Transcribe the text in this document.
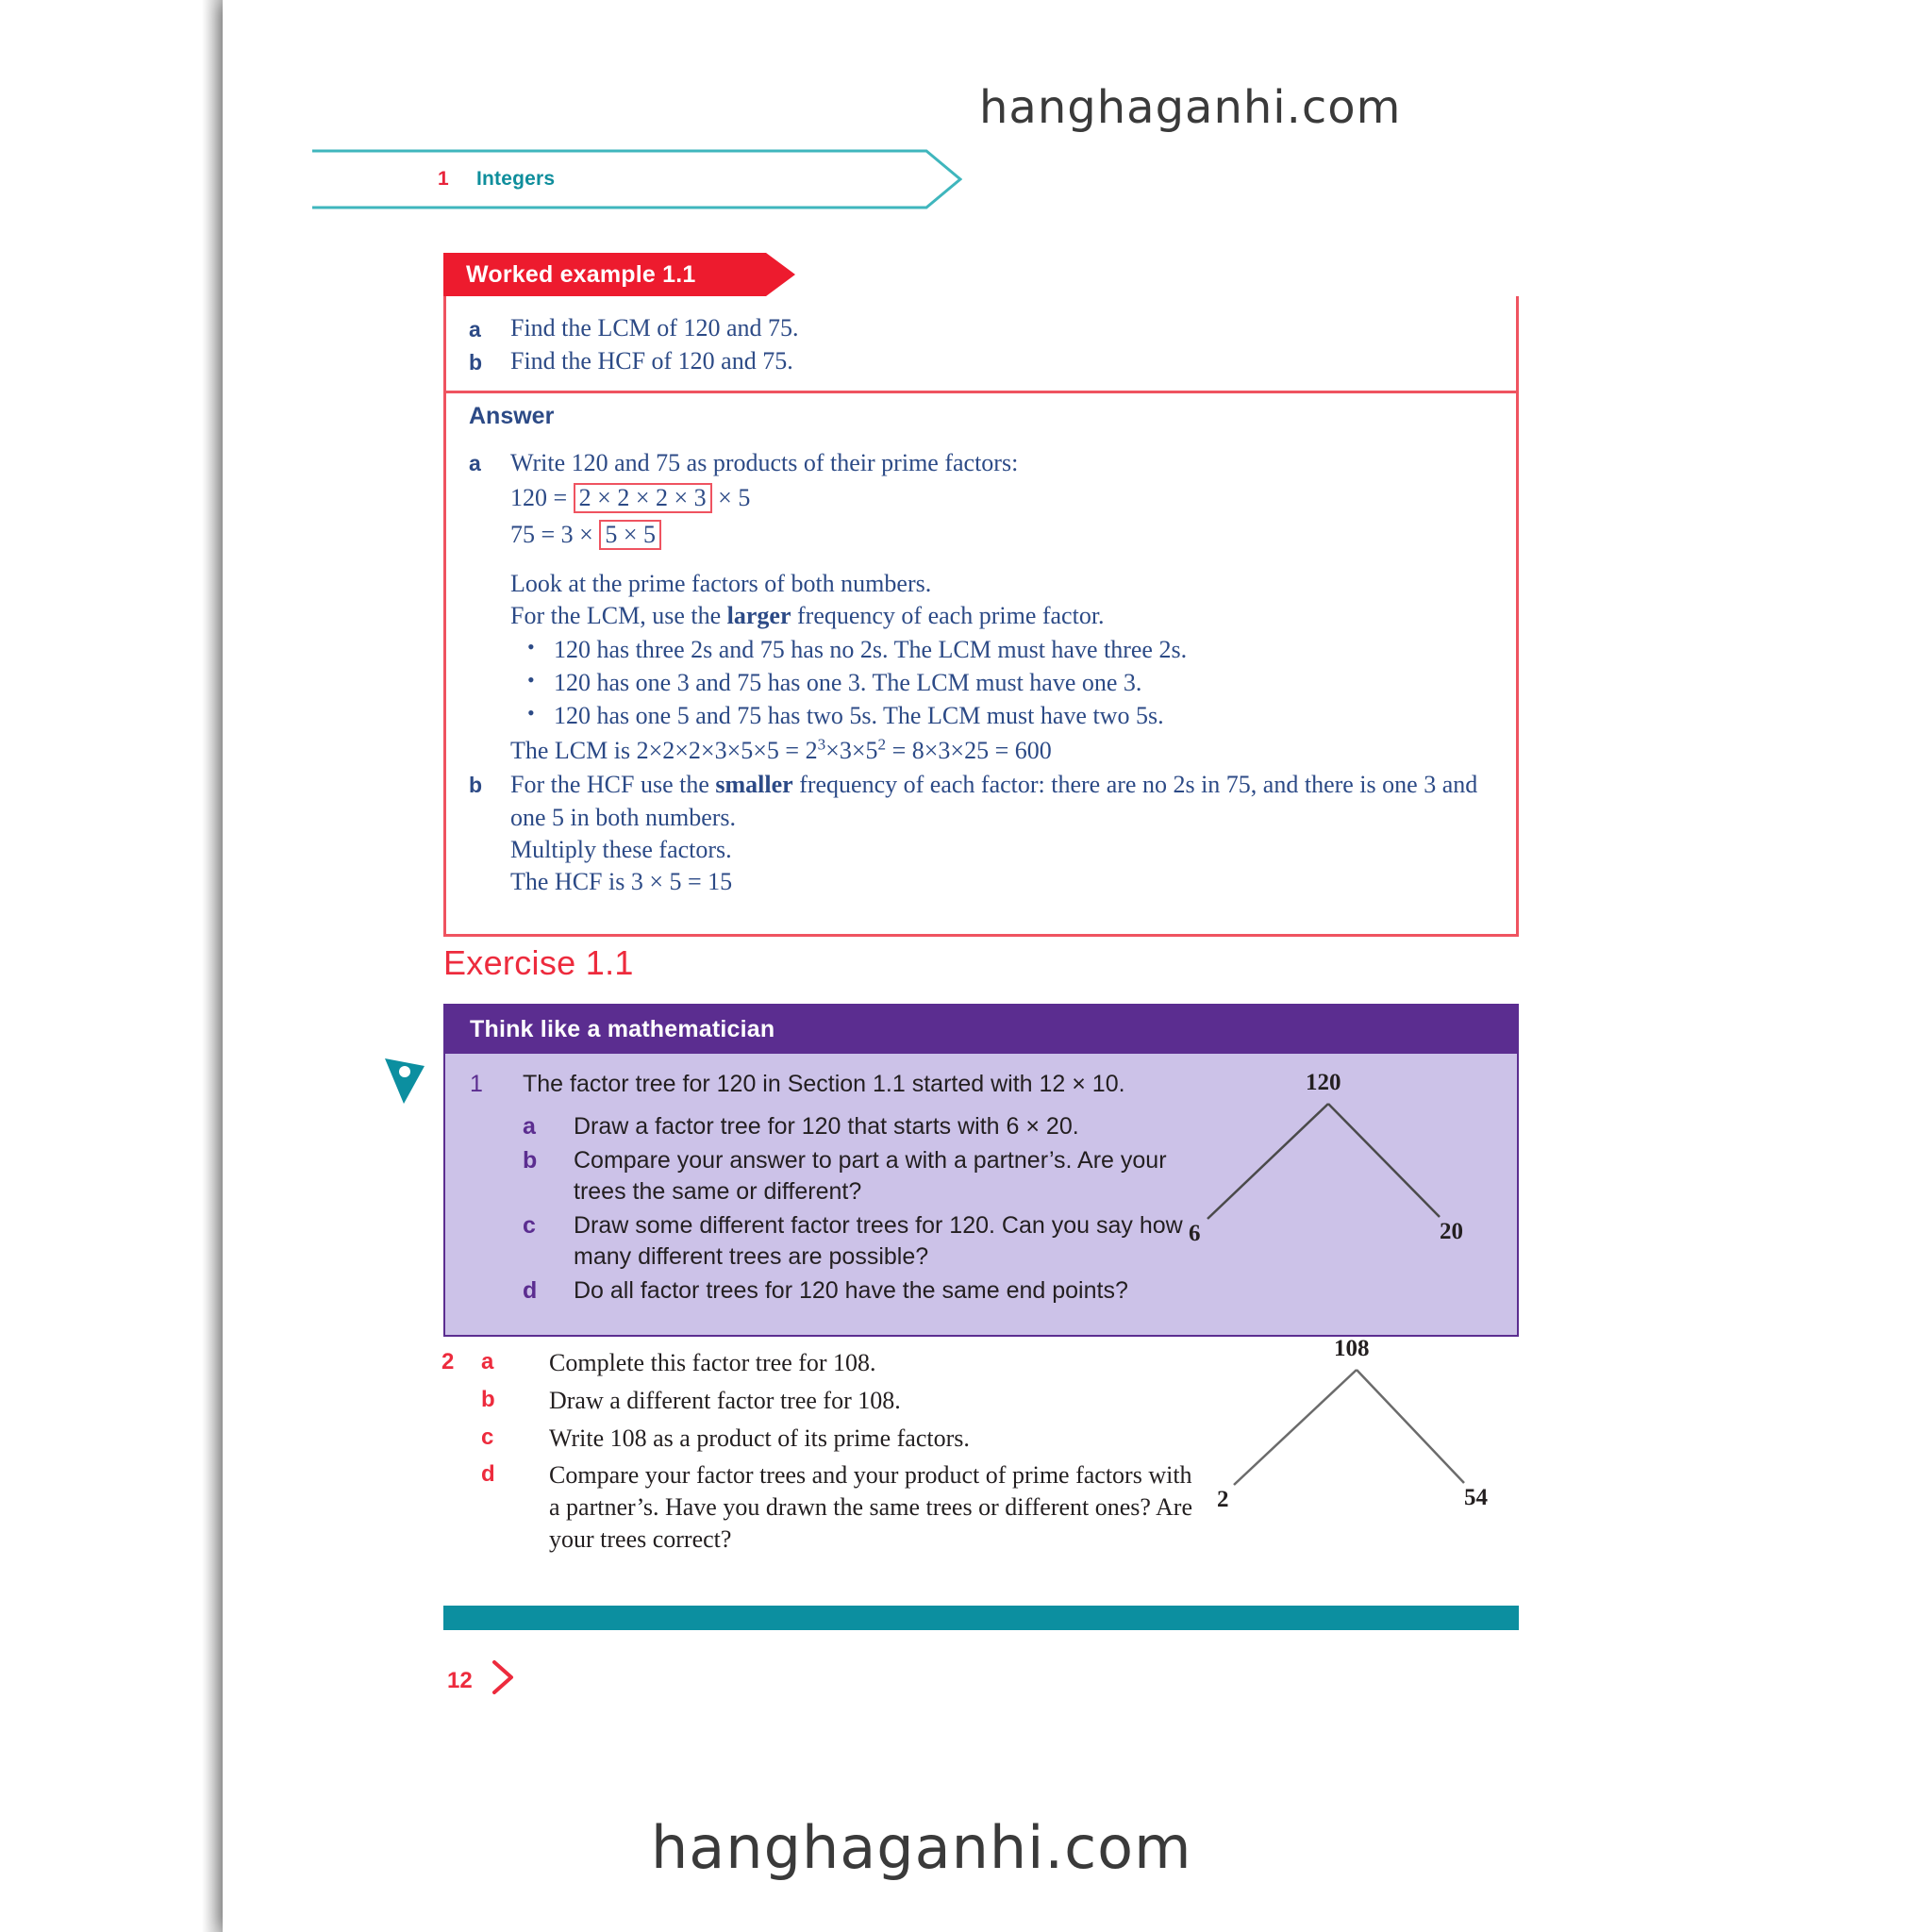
hanghaganhi.com
hanghaganhi.com
1 Integers
Worked example 1.1
a	Find the LCM of 120 and 75.
b	Find the HCF of 120 and 75.
Answer
a	Write 120 and 75 as products of their prime factors:
120 = 2 × 2 × 2 × 3 × 5
75 = 3 × 5 × 5
Look at the prime factors of both numbers.
For the LCM, use the larger frequency of each prime factor.
• 120 has three 2s and 75 has no 2s. The LCM must have three 2s.
• 120 has one 3 and 75 has one 3. The LCM must have one 3.
• 120 has one 5 and 75 has two 5s. The LCM must have two 5s.
The LCM is $2\times 2\times 2\times 3\times 5\times 5 = 2^3\times 3\times 5^2 = 8\times 3\times 25 = 600$
b	For the HCF use the smaller frequency of each factor: there are no 2s in 75, and there is one 3 and one 5 in both numbers.
Multiply these factors.
The HCF is 3 × 5 = 15
Exercise 1.1
Think like a mathematician
1	The factor tree for 120 in Section 1.1 started with 12 × 10.
a	Draw a factor tree for 120 that starts with 6 × 20.
b	Compare your answer to part a with a partner’s. Are your trees the same or different?
c	Draw some different factor trees for 120. Can you say how many different trees are possible?
d	Do all factor trees for 120 have the same end points?
120
6	20
2	a	Complete this factor tree for 108.
b	Draw a different factor tree for 108.
c	Write 108 as a product of its prime factors.
d	Compare your factor trees and your product of prime factors with a partner’s. Have you drawn the same trees or different ones? Are your trees correct?
108
2	54
12
